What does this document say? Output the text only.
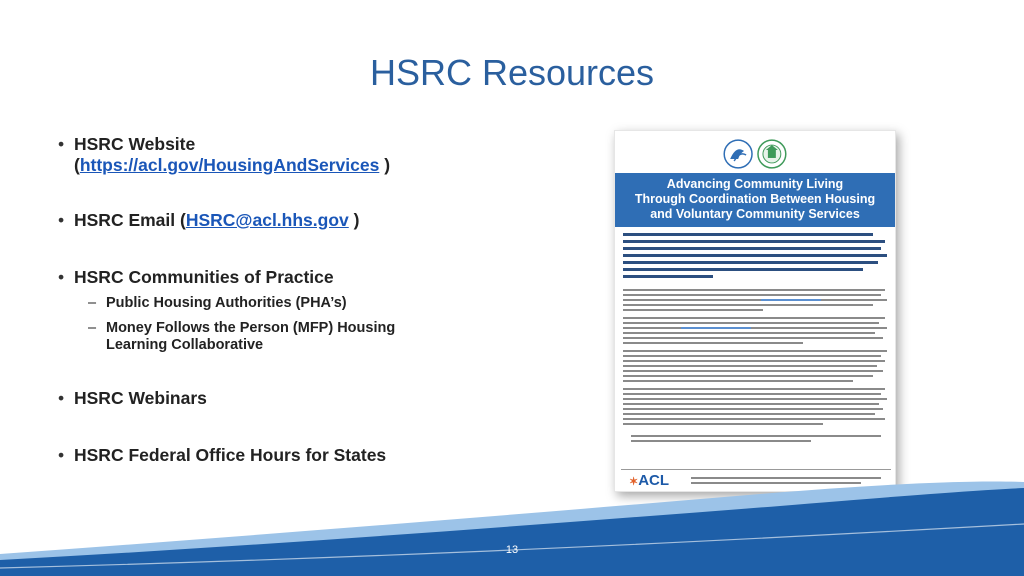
HSRC Resources
• HSRC Website
(https://acl.gov/HousingAndServices )
• HSRC Email (HSRC@acl.hhs.gov )
• HSRC Communities of Practice
– Public Housing Authorities (PHA’s)
– Money Follows the Person (MFP) Housing Learning Collaborative
• HSRC Webinars
• HSRC Federal Office Hours for States
Advancing Community Living
Through Coordination Between Housing
and Voluntary Community Services
✶ACL
13
